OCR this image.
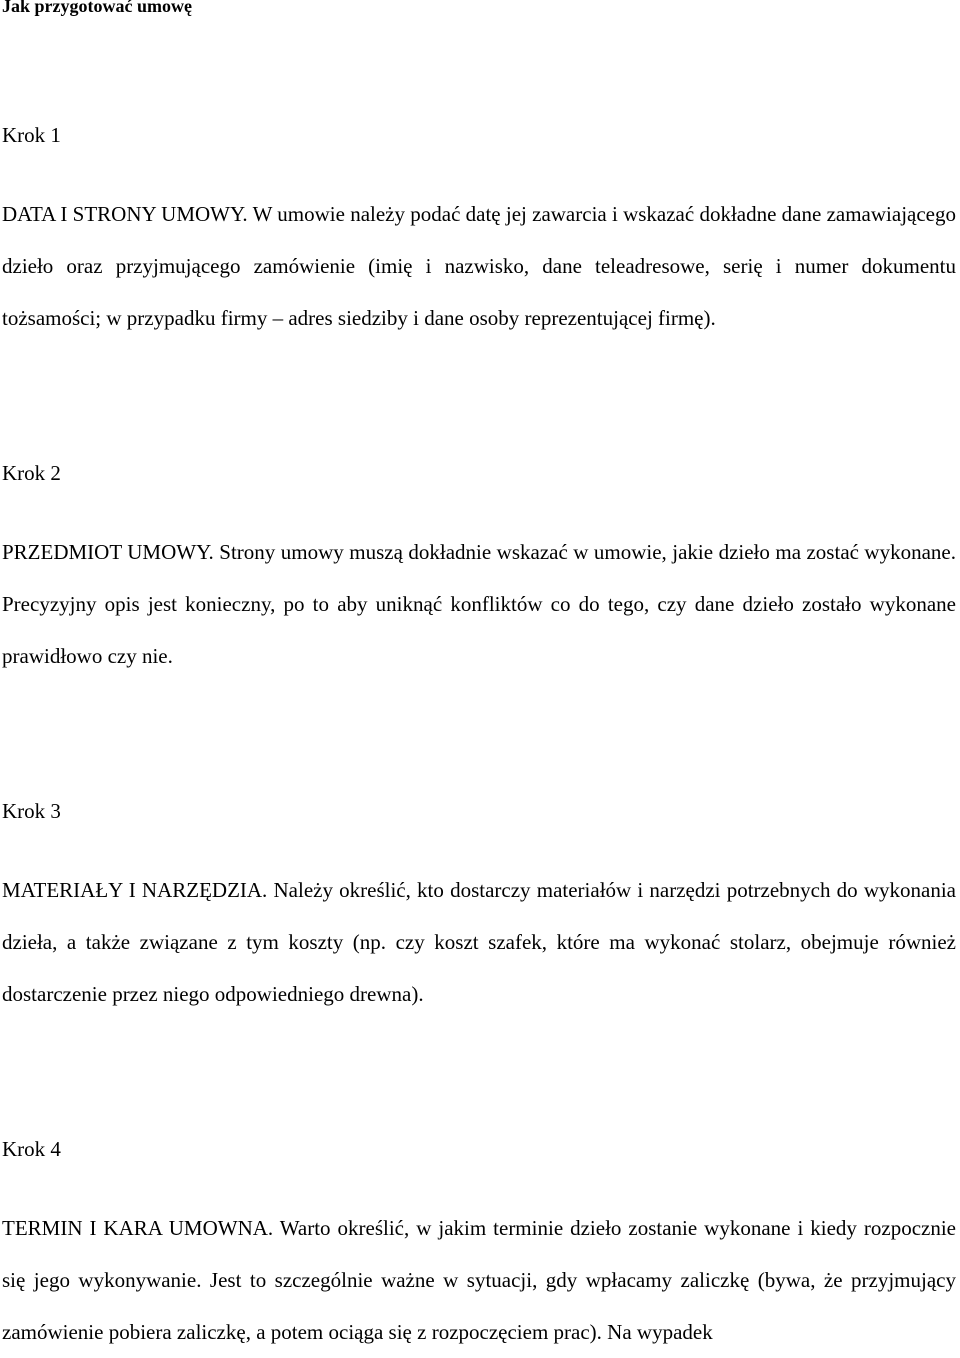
Jak przygotować umowę
Krok 1
DATA I STRONY UMOWY. W umowie należy podać datę jej zawarcia i wskazać dokładne dane zamawiającego dzieło oraz przyjmującego zamówienie (imię i nazwisko, dane teleadresowe, serię i numer dokumentu tożsamości; w przypadku firmy – adres siedziby i dane osoby reprezentującej firmę).
Krok 2
PRZEDMIOT UMOWY. Strony umowy muszą dokładnie wskazać w umowie, jakie dzieło ma zostać wykonane. Precyzyjny opis jest konieczny, po to aby uniknąć konfliktów co do tego, czy dane dzieło zostało wykonane prawidłowo czy nie.
Krok 3
MATERIAŁY I NARZĘDZIA. Należy określić, kto dostarczy materiałów i narzędzi potrzebnych do wykonania dzieła, a także związane z tym koszty (np. czy koszt szafek, które ma wykonać stolarz, obejmuje również dostarczenie przez niego odpowiedniego drewna).
Krok 4
TERMIN I KARA UMOWNA. Warto określić, w jakim terminie dzieło zostanie wykonane i kiedy rozpocznie się jego wykonywanie. Jest to szczególnie ważne w sytuacji, gdy wpłacamy zaliczkę (bywa, że przyjmujący zamówienie pobiera zaliczkę, a potem ociąga się z rozpoczęciem prac). Na wypadek
